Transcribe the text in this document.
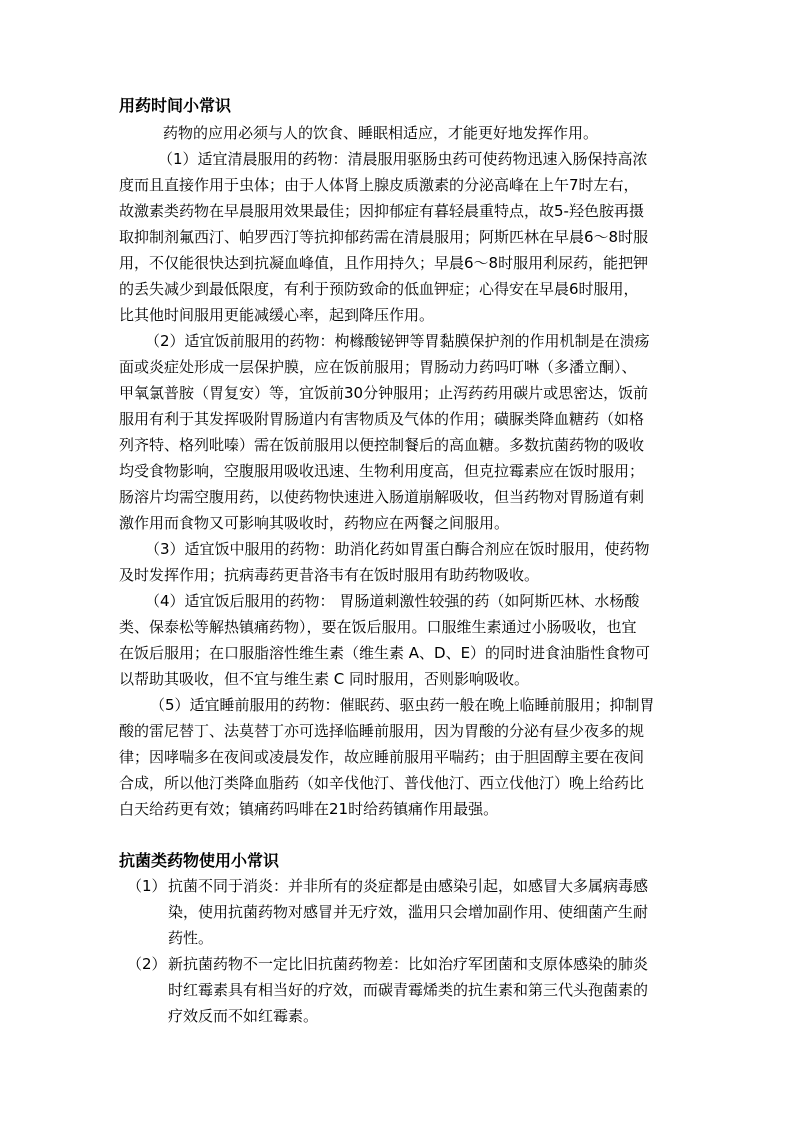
用药时间小常识
药物的应用必须与人的饮食、睡眠相适应，才能更好地发挥作用。
（1）适宜清晨服用的药物：清晨服用驱肠虫药可使药物迅速入肠保持高浓
度而且直接作用于虫体；由于人体肾上腺皮质激素的分泌高峰在上午7时左右，
故激素类药物在早晨服用效果最佳；因抑郁症有暮轻晨重特点，故5-羟色胺再摄
取抑制剂氟西汀、帕罗西汀等抗抑郁药需在清晨服用；阿斯匹林在早晨6～8时服
用，不仅能很快达到抗凝血峰值，且作用持久；早晨6～8时服用利尿药，能把钾
的丢失减少到最低限度，有利于预防致命的低血钾症；心得安在早晨6时服用，
比其他时间服用更能减缓心率，起到降压作用。
（2）适宜饭前服用的药物：枸橼酸铋钾等胃黏膜保护剂的作用机制是在溃疡
面或炎症处形成一层保护膜，应在饭前服用；胃肠动力药吗叮啉（多潘立酮）、
甲氧氯普胺（胃复安）等，宜饭前30分钟服用；止泻药药用碳片或思密达，饭前
服用有利于其发挥吸附胃肠道内有害物质及气体的作用；磺脲类降血糖药（如格
列齐特、格列吡嗪）需在饭前服用以便控制餐后的高血糖。多数抗菌药物的吸收
均受食物影响，空腹服用吸收迅速、生物利用度高，但克拉霉素应在饭时服用；
肠溶片均需空腹用药，以使药物快速进入肠道崩解吸收，但当药物对胃肠道有刺
激作用而食物又可影响其吸收时，药物应在两餐之间服用。
（3）适宜饭中服用的药物：助消化药如胃蛋白酶合剂应在饭时服用，使药物
及时发挥作用；抗病毒药更昔洛韦有在饭时服用有助药物吸收。
（4）适宜饭后服用的药物： 胃肠道刺激性较强的药（如阿斯匹林、水杨酸
类、保泰松等解热镇痛药物），要在饭后服用。口服维生素通过小肠吸收，也宜
在饭后服用；在口服脂溶性维生素（维生素 A、D、E）的同时进食油脂性食物可
以帮助其吸收，但不宜与维生素 C 同时服用，否则影响吸收。
（5）适宜睡前服用的药物：催眠药、驱虫药一般在晚上临睡前服用；抑制胃
酸的雷尼替丁、法莫替丁亦可选择临睡前服用，因为胃酸的分泌有昼少夜多的规
律；因哮喘多在夜间或凌晨发作，故应睡前服用平喘药；由于胆固醇主要在夜间
合成，所以他汀类降血脂药（如辛伐他汀、普伐他汀、西立伐他汀）晚上给药比
白天给药更有效；镇痛药吗啡在21时给药镇痛作用最强。
抗菌类药物使用小常识
（1） 抗菌不同于消炎：并非所有的炎症都是由感染引起，如感冒大多属病毒感
染，使用抗菌药物对感冒并无疗效，滥用只会增加副作用、使细菌产生耐
药性。
（2） 新抗菌药物不一定比旧抗菌药物差：比如治疗军团菌和支原体感染的肺炎
时红霉素具有相当好的疗效，而碳青霉烯类的抗生素和第三代头孢菌素的
疗效反而不如红霉素。
